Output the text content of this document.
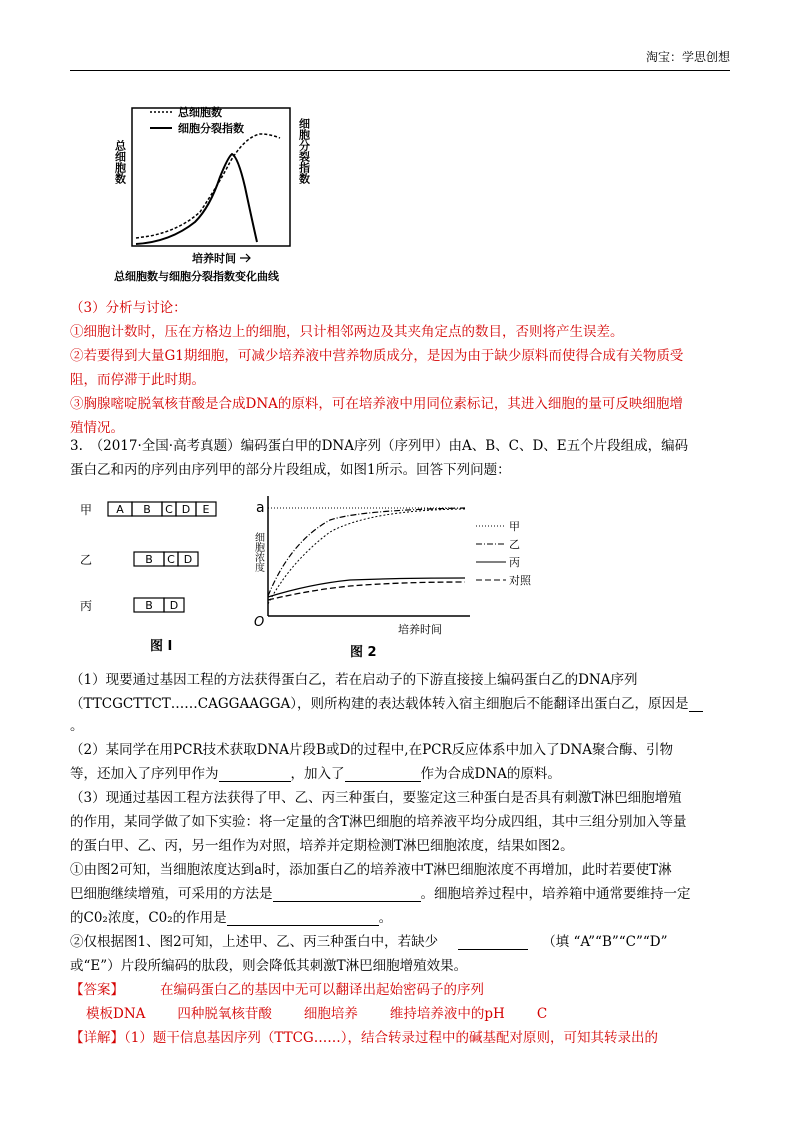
淘宝：学思创想
总细胞数
细胞分裂指数
总细胞数	细胞分裂指数
培养时间
总细胞数与细胞分裂指数变化曲线
（3）分析与讨论：
①细胞计数时，压在方格边上的细胞，只计相邻两边及其夹角定点的数目，否则将产生误差。
②若要得到大量G1期细胞，可减少培养液中营养物质成分，是因为由于缺少原料而使得合成有关物质受
阻，而停滞于此时期。
③胸腺嘧啶脱氧核苷酸是合成DNA的原料，可在培养液中用同位素标记，其进入细胞的量可反映细胞增
殖情况。
3.　（2017·全国·高考真题）编码蛋白甲的DNA序列（序列甲）由A、B、C、D、E五个片段组成，编码
蛋白乙和丙的序列由序列甲的部分片段组成，如图1所示。回答下列问题：
甲
乙
丙
A B C D E
B C D
B D
图 I
a
O
细胞浓度
甲
乙
丙
对照
培养时间
图 2
（1）现要通过基因工程的方法获得蛋白乙，若在启动子的下游直接接上编码蛋白乙的DNA序列
（TTCGCTTCT……CAGGAAGGA），则所构建的表达载体转入宿主细胞后不能翻译出蛋白乙，原因是
。
（2）某同学在用PCR技术获取DNA片段B或D的过程中,在PCR反应体系中加入了DNA聚合酶、引物
等，还加入了序列甲作为	，加入了	作为合成DNA的原料。
（3）现通过基因工程方法获得了甲、乙、丙三种蛋白，要鉴定这三种蛋白是否具有刺激T淋巴细胞增殖
的作用，某同学做了如下实验：将一定量的含T淋巴细胞的培养液平均分成四组，其中三组分别加入等量
的蛋白甲、乙、丙，另一组作为对照，培养并定期检测T淋巴细胞浓度，结果如图2。
①由图2可知，当细胞浓度达到a时，添加蛋白乙的培养液中T淋巴细胞浓度不再增加，此时若要使T淋
巴细胞继续增殖，可采用的方法是	。细胞培养过程中，培养箱中通常要维持一定
的C0₂浓度，C0₂的作用是	。
②仅根据图1、图2可知，上述甲、乙、丙三种蛋白中，若缺少	（填 “A”“B”“C”“D”
或“E”）片段所编码的肽段，则会降低其刺激T淋巴细胞增殖效果。
【答案】	在编码蛋白乙的基因中无可以翻译出起始密码子的序列
模板DNA 四种脱氧核苷酸 细胞培养 维持培养液中的pH C
【详解】（1）题干信息基因序列（TTCG……），结合转录过程中的碱基配对原则，可知其转录出的
